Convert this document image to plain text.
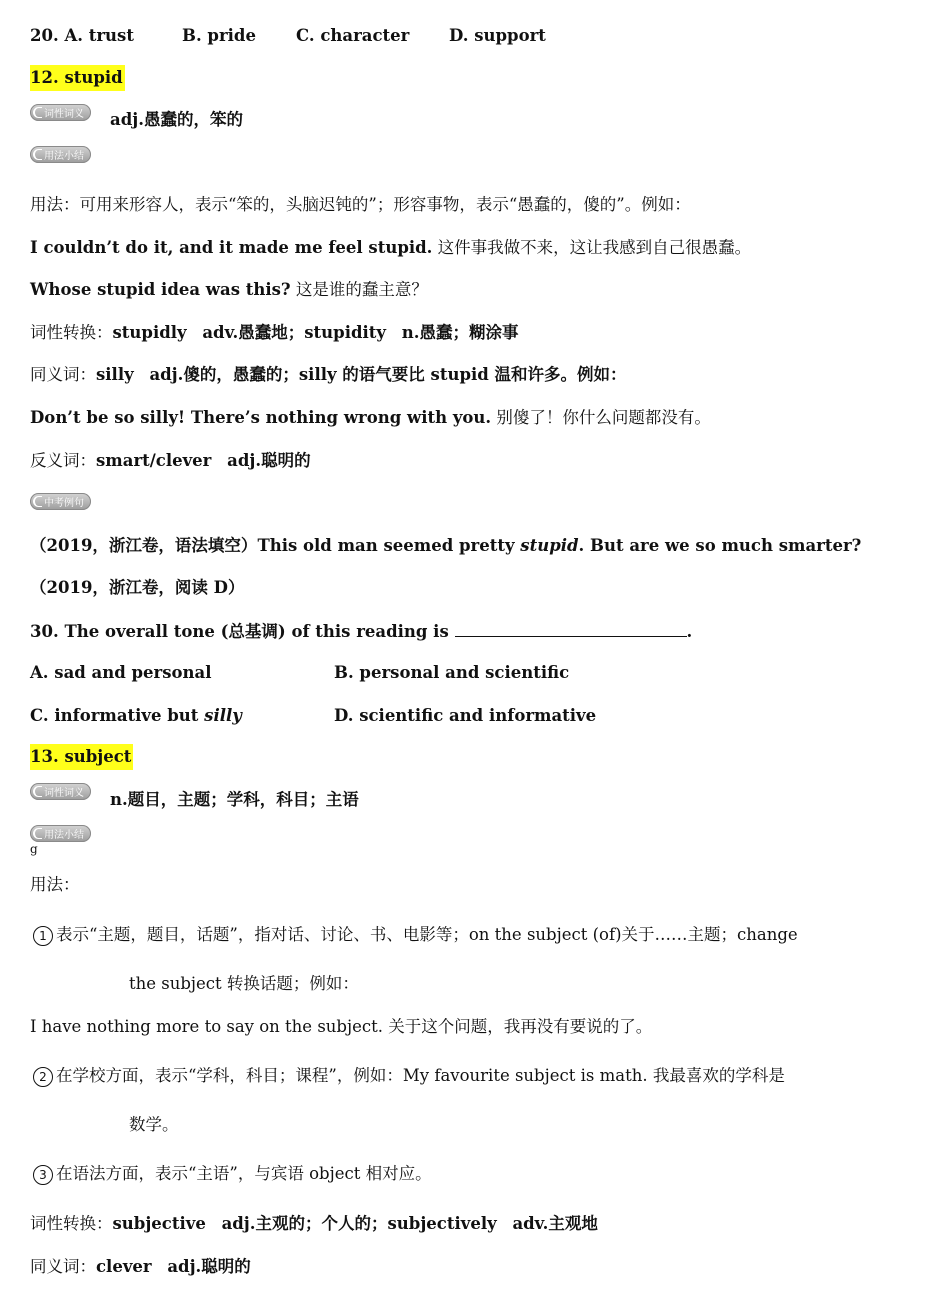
20. A. trust	B. pride C. character D. support
12. stupid
词性词义 adj.愚蠢的，笨的
用法小结
用法：可用来形容人，表示“笨的，头脑迟钝的”；形容事物，表示“愚蠢的，傻的”。例如：
I couldn’t do it, and it made me feel stupid. 这件事我做不来，这让我感到自己很愚蠢。
Whose stupid idea was this? 这是谁的蠢主意？
词性转换：stupidly adv.愚蠢地；stupidity n.愚蠢；糊涂事
同义词：silly adj.傻的，愚蠢的；silly 的语气要比 stupid 温和许多。例如：
Don’t be so silly! There’s nothing wrong with you. 别傻了！你什么问题都没有。
反义词：smart/clever adj.聪明的
中考例句
（2019，浙江卷，语法填空）This old man seemed pretty stupid. But are we so much smarter?
（2019，浙江卷，阅读 D）
30. The overall tone (总基调) of this reading is	.
A. sad and personal	B. personal and scientific
C. informative but silly	D. scientific and informative
13. subject
词性词义 n.题目，主题；学科，科目；主语
用法小结
g
用法：
1 表示“主题，题目，话题”，指对话、讨论、书、电影等；on the subject (of)关于……主题；change
the subject 转换话题；例如：
I have nothing more to say on the subject. 关于这个问题，我再没有要说的了。
2 在学校方面，表示“学科，科目；课程”，例如：My favourite subject is math. 我最喜欢的学科是
数学。
3 在语法方面，表示“主语”，与宾语 object 相对应。
词性转换：subjective adj.主观的；个人的；subjectively adv.主观地
同义词：clever adj.聪明的
